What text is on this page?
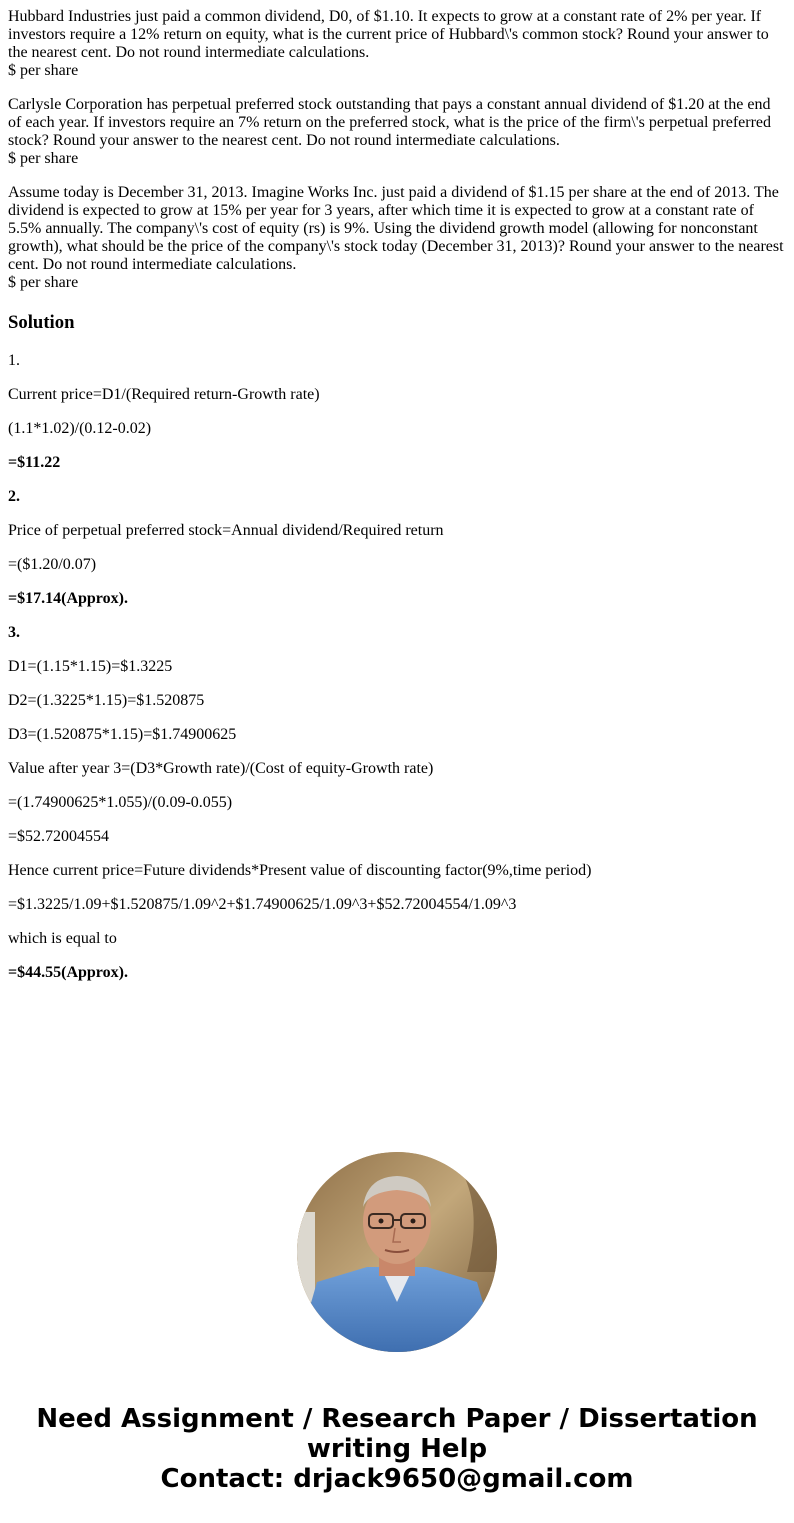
Hubbard Industries just paid a common dividend, D0, of $1.10. It expects to grow at a constant rate of 2% per year. If investors require a 12% return on equity, what is the current price of Hubbard\'s common stock? Round your answer to the nearest cent. Do not round intermediate calculations.

$ per share

Carlysle Corporation has perpetual preferred stock outstanding that pays a constant annual dividend of $1.20 at the end of each year. If investors require an 7% return on the preferred stock, what is the price of the firm\'s perpetual preferred stock? Round your answer to the nearest cent. Do not round intermediate calculations.

$ per share

Assume today is December 31, 2013. Imagine Works Inc. just paid a dividend of $1.15 per share at the end of 2013. The dividend is expected to grow at 15% per year for 3 years, after which time it is expected to grow at a constant rate of 5.5% annually. The company\'s cost of equity (rs) is 9%. Using the dividend growth model (allowing for nonconstant growth), what should be the price of the company\'s stock today (December 31, 2013)? Round your answer to the nearest cent. Do not round intermediate calculations.

$ per share

Solution

1.

Current price=D1/(Required return-Growth rate)

(1.1*1.02)/(0.12-0.02)

=$11.22

2.

Price of perpetual preferred stock=Annual dividend/Required return

=($1.20/0.07)

=$17.14(Approx).

3.

D1=(1.15*1.15)=$1.3225

D2=(1.3225*1.15)=$1.520875

D3=(1.520875*1.15)=$1.74900625

Value after year 3=(D3*Growth rate)/(Cost of equity-Growth rate)

=(1.74900625*1.055)/(0.09-0.055)

=$52.72004554

Hence current price=Future dividends*Present value of discounting factor(9%,time period)

=$1.3225/1.09+$1.520875/1.09^2+$1.74900625/1.09^3+$52.72004554/1.09^3

which is equal to

=$44.55(Approx).

Need Assignment / Research Paper / Dissertation
writing Help
Contact: drjack9650@gmail.com
